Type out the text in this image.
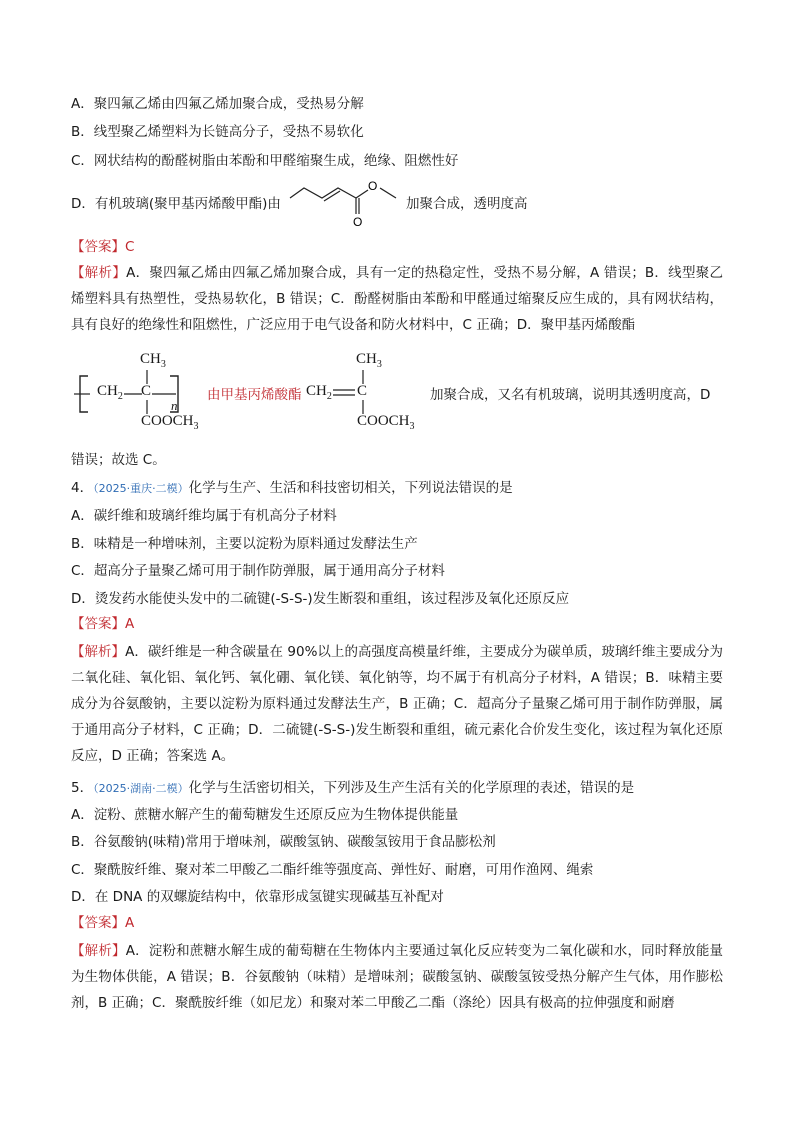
A．聚四氟乙烯由四氟乙烯加聚合成，受热易分解
B．线型聚乙烯塑料为长链高分子，受热不易软化
C．网状结构的酚醛树脂由苯酚和甲醛缩聚生成，绝缘、阻燃性好
D．有机玻璃(聚甲基丙烯酸甲酯)由
O
O
加聚合成，透明度高
【答案】C
【解析】A．聚四氟乙烯由四氟乙烯加聚合成，具有一定的热稳定性，受热不易分解，A 错误；B．线型聚乙烯塑料具有热塑性，受热易软化，B 错误；C．酚醛树脂由苯酚和甲醛通过缩聚反应生成的，具有网状结构，具有良好的绝缘性和阻燃性，广泛应用于电气设备和防火材料中，C 正确；D．聚甲基丙烯酸酯
$CH_2$
$CH_3$
C
n
$COOCH_3$
由甲基丙烯酸酯 $CH_2$
$CH_3$
C
$COOCH_3$
加聚合成，又名有机玻璃，说明其透明度高，D
错误；故选 C。
4．（2025·重庆·二模）化学与生产、生活和科技密切相关，下列说法错误的是
A．碳纤维和玻璃纤维均属于有机高分子材料
B．味精是一种增味剂，主要以淀粉为原料通过发酵法生产
C．超高分子量聚乙烯可用于制作防弹服，属于通用高分子材料
D．烫发药水能使头发中的二硫键(-S-S-)发生断裂和重组，该过程涉及氧化还原反应
【答案】A
【解析】A．碳纤维是一种含碳量在 90%以上的高强度高模量纤维，主要成分为碳单质，玻璃纤维主要成分为二氧化硅、氧化铝、氧化钙、氧化硼、氧化镁、氧化钠等，均不属于有机高分子材料，A 错误；B．味精主要成分为谷氨酸钠，主要以淀粉为原料通过发酵法生产，B 正确；C．超高分子量聚乙烯可用于制作防弹服，属于通用高分子材料，C 正确；D．二硫键(-S-S-)发生断裂和重组，硫元素化合价发生变化，该过程为氧化还原反应，D 正确；答案选 A。
5．（2025·湖南·二模）化学与生活密切相关，下列涉及生产生活有关的化学原理的表述，错误的是
A．淀粉、蔗糖水解产生的葡萄糖发生还原反应为生物体提供能量
B．谷氨酸钠(味精)常用于增味剂，碳酸氢钠、碳酸氢铵用于食品膨松剂
C．聚酰胺纤维、聚对苯二甲酸乙二酯纤维等强度高、弹性好、耐磨，可用作渔网、绳索
D．在 DNA 的双螺旋结构中，依靠形成氢键实现碱基互补配对
【答案】A
【解析】A．淀粉和蔗糖水解生成的葡萄糖在生物体内主要通过氧化反应转变为二氧化碳和水，同时释放能量为生物体供能，A 错误；B．谷氨酸钠（味精）是增味剂；碳酸氢钠、碳酸氢铵受热分解产生气体，用作膨松剂，B 正确；C．聚酰胺纤维（如尼龙）和聚对苯二甲酸乙二酯（涤纶）因具有极高的拉伸强度和耐磨
